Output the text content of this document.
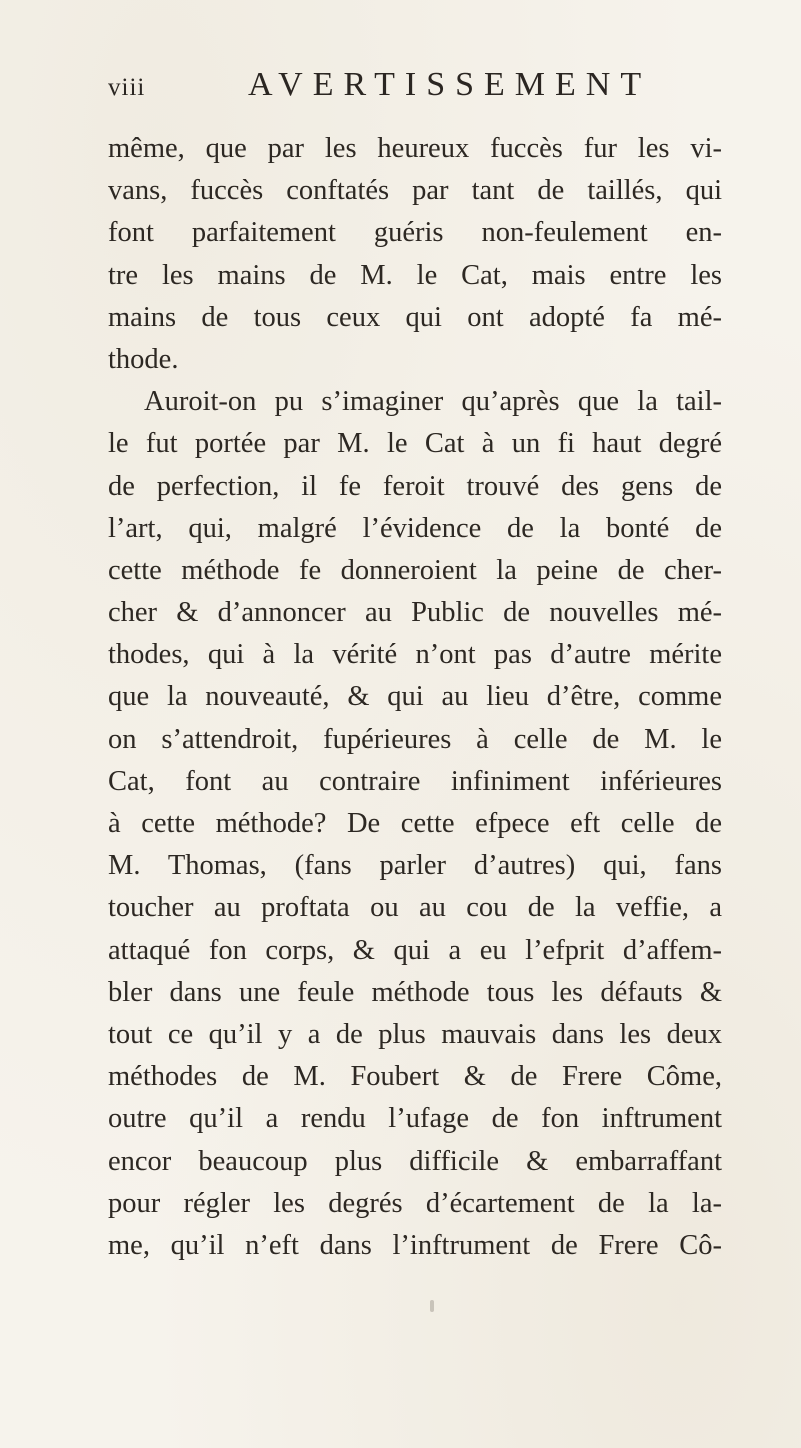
viii	AVERTISSEMENT
même, que par les heureux fuccès fur les vi-
vans, fuccès conftatés par tant de taillés, qui
font parfaitement guéris non-feulement en-
tre les mains de M. le Cat, mais entre les
mains de tous ceux qui ont adopté fa mé-
thode.
Auroit-on pu s’imaginer qu’après que la tail-
le fut portée par M. le Cat à un fi haut degré
de perfection, il fe feroit trouvé des gens de
l’art, qui, malgré l’évidence de la bonté de
cette méthode fe donneroient la peine de cher-
cher & d’annoncer au Public de nouvelles mé-
thodes, qui à la vérité n’ont pas d’autre mérite
que la nouveauté, & qui au lieu d’être, comme
on s’attendroit, fupérieures à celle de M. le
Cat, font au contraire infiniment inférieures
à cette méthode? De cette efpece eft celle de
M. Thomas, (fans parler d’autres) qui, fans
toucher au proftata ou au cou de la veffie, a
attaqué fon corps, & qui a eu l’efprit d’affem-
bler dans une feule méthode tous les défauts &
tout ce qu’il y a de plus mauvais dans les deux
méthodes de M. Foubert & de Frere Côme,
outre qu’il a rendu l’ufage de fon inftrument
encor beaucoup plus difficile & embarraffant
pour régler les degrés d’écartement de la la-
me, qu’il n’eft dans l’inftrument de Frere Cô-
